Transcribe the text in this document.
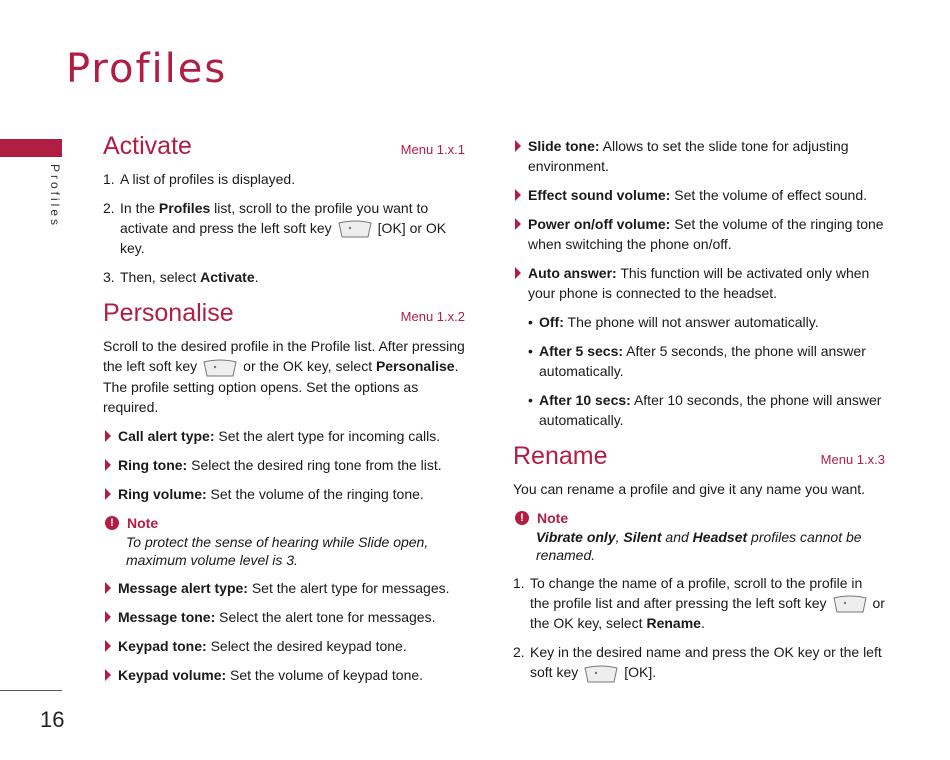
Profiles
Profiles
16
Activate	Menu 1.x.1
1. A list of profiles is displayed.
2. In the Profiles list, scroll to the profile you want to activate and press the left soft key	[OK] or OK key.
3. Then, select Activate.
Personalise	Menu 1.x.2
Scroll to the desired profile in the Profile list. After pressing the left soft key	or the OK key, select Personalise. The profile setting option opens. Set the options as required.
Call alert type: Set the alert type for incoming calls.
Ring tone: Select the desired ring tone from the list.
Ring volume: Set the volume of the ringing tone.
! Note
To protect the sense of hearing while Slide open, maximum volume level is 3.
Message alert type: Set the alert type for messages.
Message tone: Select the alert tone for messages.
Keypad tone: Select the desired keypad tone.
Keypad volume: Set the volume of keypad tone.
Slide tone: Allows to set the slide tone for adjusting environment.
Effect sound volume: Set the volume of effect sound.
Power on/off volume: Set the volume of the ringing tone when switching the phone on/off.
Auto answer: This function will be activated only when your phone is connected to the headset.
• Off: The phone will not answer automatically.
• After 5 secs: After 5 seconds, the phone will answer automatically.
• After 10 secs: After 10 seconds, the phone will answer automatically.
Rename	Menu 1.x.3
You can rename a profile and give it any name you want.
! Note
Vibrate only, Silent and Headset profiles cannot be renamed.
1. To change the name of a profile, scroll to the profile in the profile list and after pressing the left soft key	or the OK key, select Rename.
2. Key in the desired name and press the OK key or the left soft key	[OK].
